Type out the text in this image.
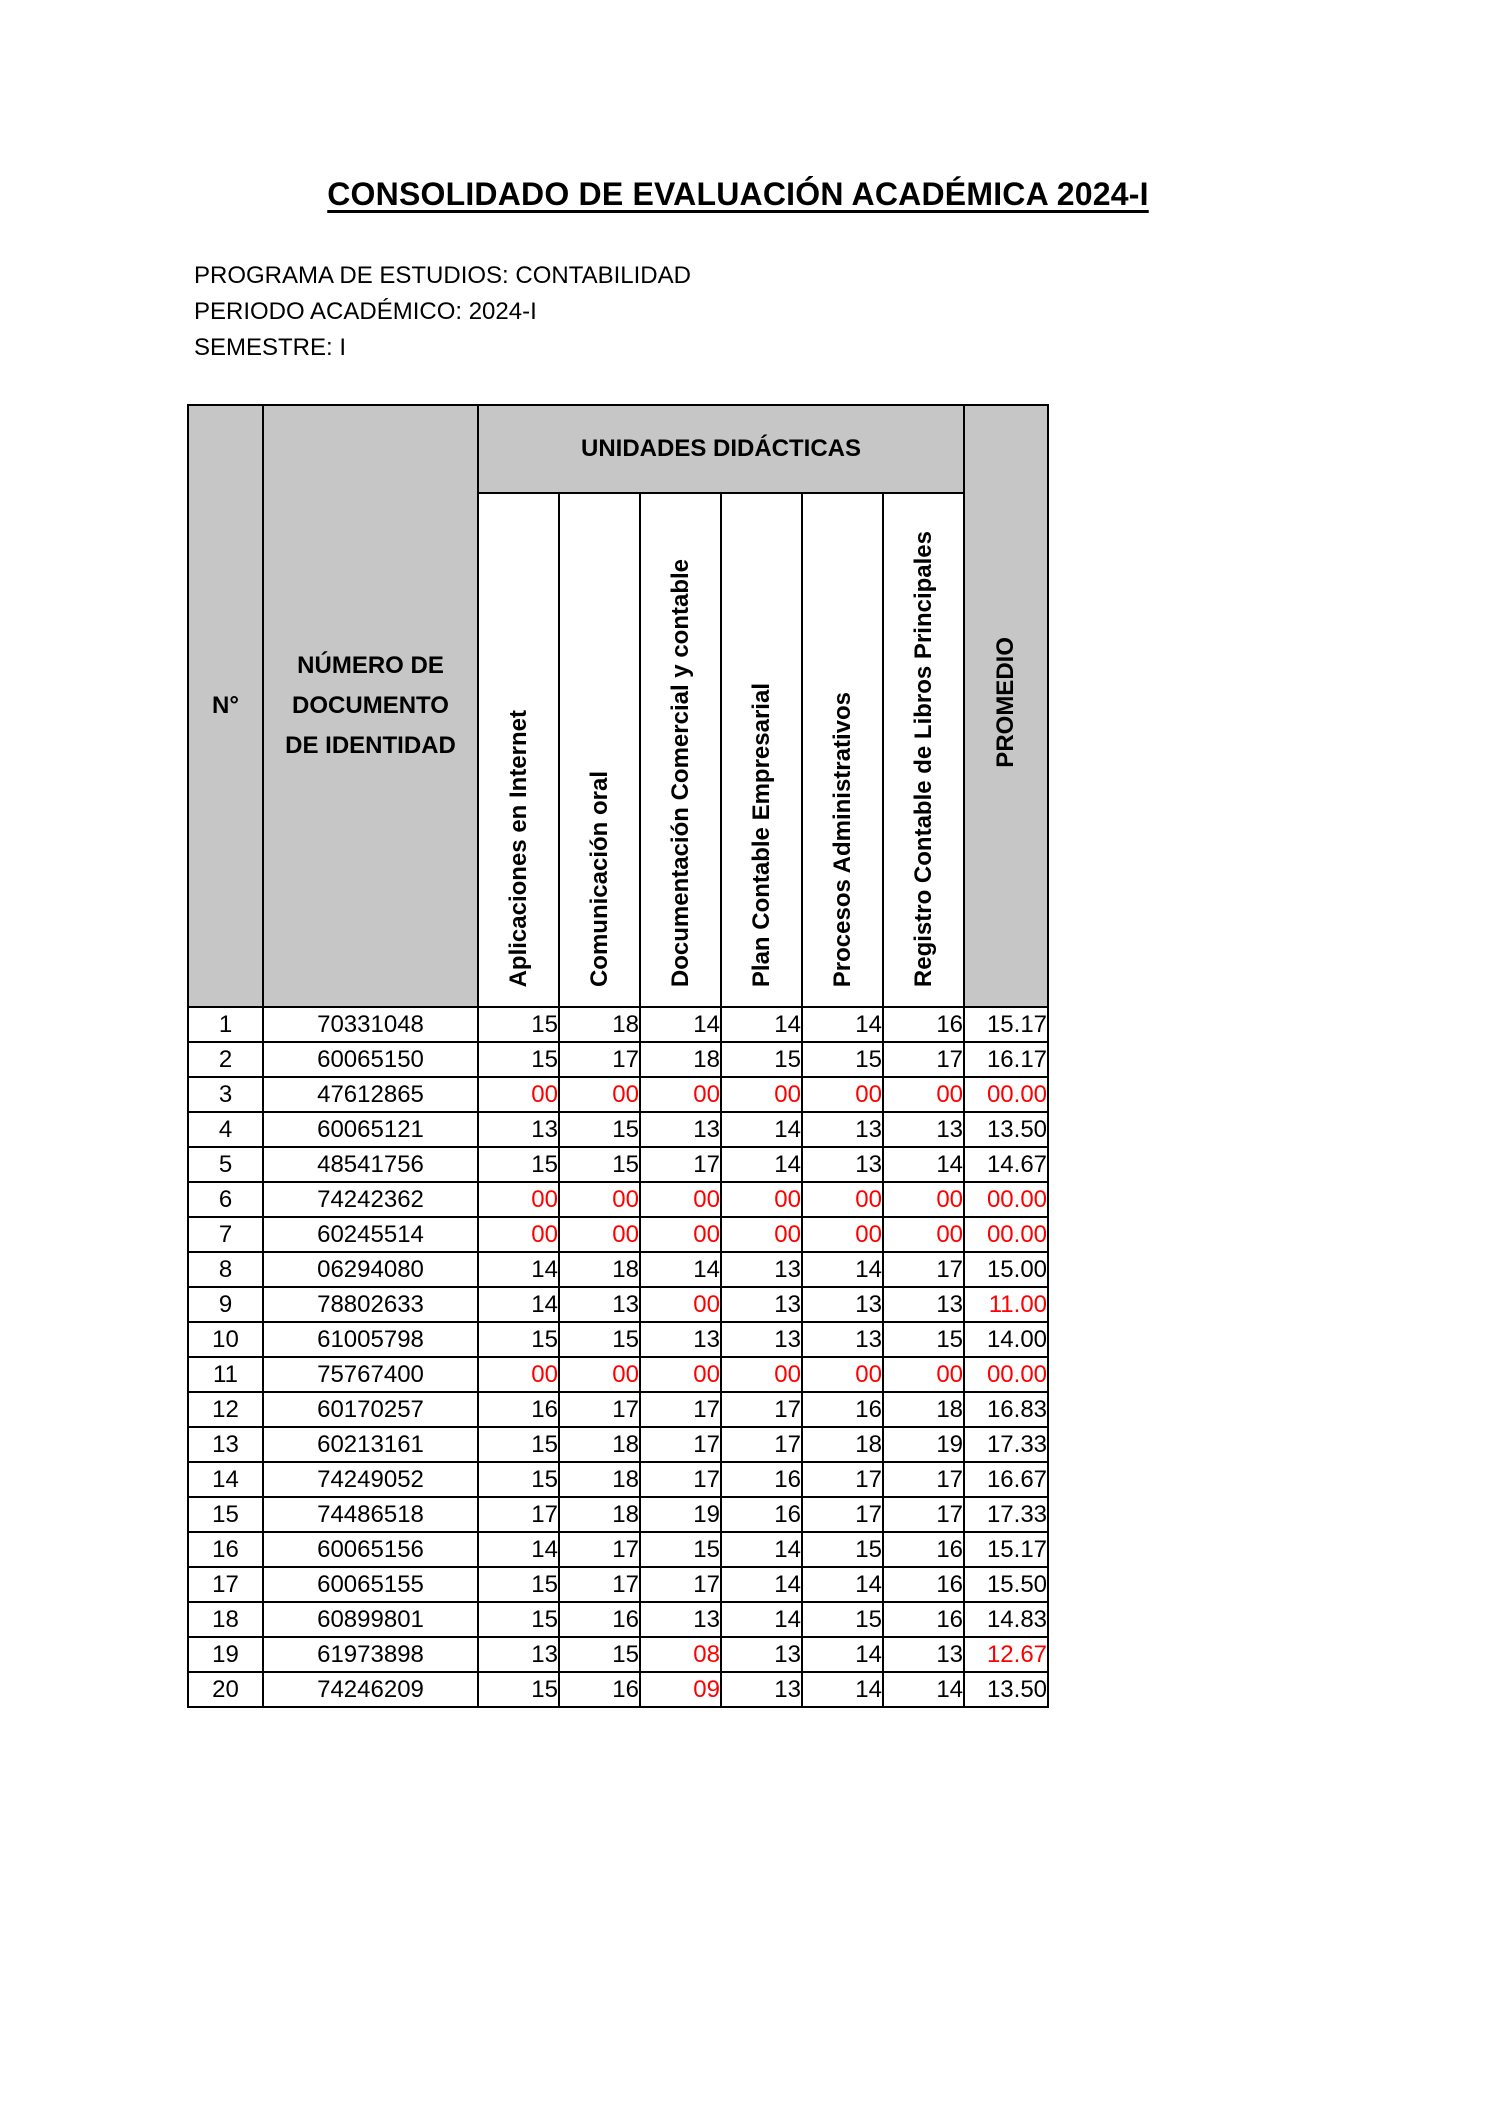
CONSOLIDADO DE EVALUACIÓN ACADÉMICA 2024-I
PROGRAMA DE ESTUDIOS: CONTABILIDAD
PERIODO ACADÉMICO: 2024-I
SEMESTRE: I
N°	NÚMERO DE
DOCUMENTO
DE IDENTIDAD	UNIDADES DIDÁCTICAS						PROMEDIO
		Aplicaciones en Internet	Comunicación oral	Documentación Comercial y contable	Plan Contable Empresarial	Procesos Administrativos	Registro Contable de Libros Principales	
1	70331048	15	18	14	14	14	16	15.17
2	60065150	15	17	18	15	15	17	16.17
3	47612865	00	00	00	00	00	00	00.00
4	60065121	13	15	13	14	13	13	13.50
5	48541756	15	15	17	14	13	14	14.67
6	74242362	00	00	00	00	00	00	00.00
7	60245514	00	00	00	00	00	00	00.00
8	06294080	14	18	14	13	14	17	15.00
9	78802633	14	13	00	13	13	13	11.00
10	61005798	15	15	13	13	13	15	14.00
11	75767400	00	00	00	00	00	00	00.00
12	60170257	16	17	17	17	16	18	16.83
13	60213161	15	18	17	17	18	19	17.33
14	74249052	15	18	17	16	17	17	16.67
15	74486518	17	18	19	16	17	17	17.33
16	60065156	14	17	15	14	15	16	15.17
17	60065155	15	17	17	14	14	16	15.50
18	60899801	15	16	13	14	15	16	14.83
19	61973898	13	15	08	13	14	13	12.67
20	74246209	15	16	09	13	14	14	13.50
